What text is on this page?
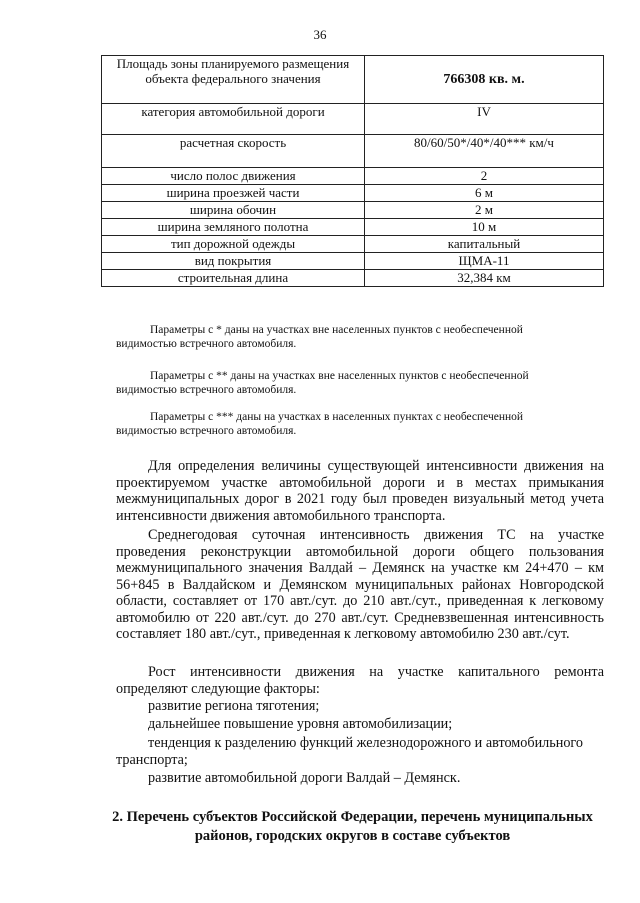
36
Площадь зоны планируемого размещения объекта федерального значения	766308 кв. м.
категория автомобильной дороги	IV
расчетная скорость	80/60/50*/40*/40*** км/ч
число полос движения	2
ширина проезжей части	6 м
ширина обочин	2 м
ширина земляного полотна	10 м
тип дорожной одежды	капитальный
вид покрытия	ЩМА-11
строительная длина	32,384 км

Параметры с * даны на участках вне населенных пунктов с необеспеченной видимостью встречного автомобиля.

Параметры с ** даны на участках вне населенных пунктов с необеспеченной видимостью встречного автомобиля.

Параметры с *** даны на участках в населенных пунктах с необеспеченной видимостью встречного автомобиля.

Для определения величины существующей интенсивности движения на проектируемом участке автомобильной дороги и в местах примыкания межмуниципальных дорог в 2021 году был проведен визуальный метод учета интенсивности движения автомобильного транспорта.

Среднегодовая суточная интенсивность движения ТС на участке проведения реконструкции автомобильной дороги общего пользования межмуниципального значения Валдай – Демянск на участке км 24+470 – км 56+845 в Валдайском и Демянском муниципальных районах Новгородской области, составляет от 170 авт./сут. до 210 авт./сут., приведенная к легковому автомобилю от 220 авт./сут. до 270 авт./сут. Средневзвешенная интенсивность составляет 180 авт./сут., приведенная к легковому автомобилю 230 авт./сут.

Рост интенсивности движения на участке капитального ремонта определяют следующие факторы:

развитие региона тяготения;

дальнейшее повышение уровня автомобилизации;

тенденция к разделению функций железнодорожного и автомобильного транспорта;

развитие автомобильной дороги Валдай – Демянск.

2. Перечень субъектов Российской Федерации, перечень муниципальных районов, городских округов в составе субъектов
